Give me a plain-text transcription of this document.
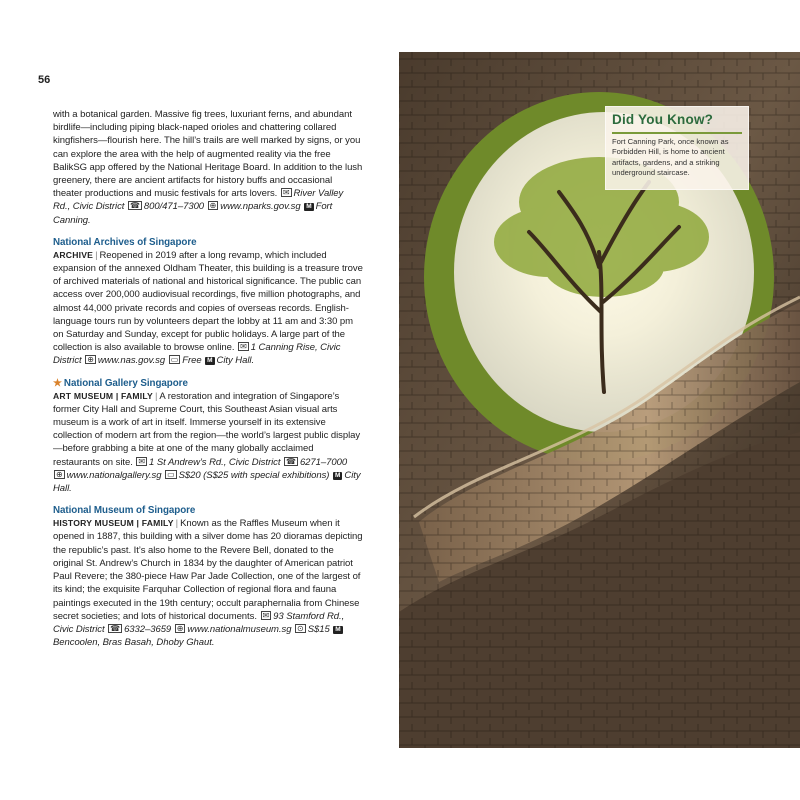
56

with a botanical garden. Massive fig trees, luxuriant ferns, and abundant birdlife—including piping black-naped orioles and chattering collared kingfishers—flourish here. The hill’s trails are well marked by signs, or you can explore the area with the help of augmented reality via the free BalikSG app offered by the National Heritage Board. In addition to the lush greenery, there are ancient artifacts for history buffs and occasional theater productions and music festivals for arts lovers. ✉ River Valley Rd., Civic District ☎ 800/471–7300 ⊕ www.nparks.gov.sg M Fort Canning.

National Archives of Singapore

ARCHIVE | Reopened in 2019 after a long revamp, which included expansion of the annexed Oldham Theater, this building is a treasure trove of archived materials of national and historical significance. The public can access over 200,000 audiovisual recordings, five million photographs, and almost 44,000 private records and copies of overseas records. English-language tours run by volunteers depart the lobby at 11 am and 3:30 pm on Saturday and Sunday, except for public holidays. A large part of the collection is also available to browse online. ✉ 1 Canning Rise, Civic District ⊕ www.nas.gov.sg ▭ Free M City Hall.

★ National Gallery Singapore

ART MUSEUM | FAMILY | A restoration and integration of Singapore’s former City Hall and Supreme Court, this Southeast Asian visual arts museum is a work of art in itself. Immerse yourself in its extensive collection of modern art from the region—the world’s largest public display—before grabbing a bite at one of the many globally acclaimed restaurants on site. ✉ 1 St Andrew’s Rd., Civic District ☎ 6271–7000 ⊕ www.nationalgallery.sg ▭ S$20 (S$25 with special exhibitions) M City Hall.

National Museum of Singapore

HISTORY MUSEUM | FAMILY | Known as the Raffles Museum when it opened in 1887, this building with a silver dome has 20 dioramas depicting the republic’s past. It’s also home to the Revere Bell, donated to the original St. Andrew’s Church in 1834 by the daughter of American patriot Paul Revere; the 380-piece Haw Par Jade Collection, one of the largest of its kind; the exquisite Farquhar Collection of regional flora and fauna paintings executed in the 19th century; occult paraphernalia from Chinese secret societies; and lots of historical documents. ✉ 93 Stamford Rd., Civic District ☎ 6332–3659 ⊕ www.nationalmuseum.sg ⊙ S$15 MBencoolen, Bras Basah, Dhoby Ghaut.

Did You Know?
Fort Canning Park, once known as Forbidden Hill, is home to ancient artifacts, gardens, and a striking underground staircase.
